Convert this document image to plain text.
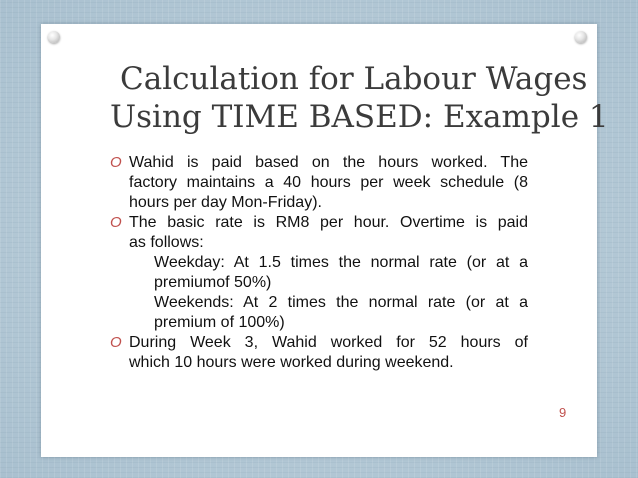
Calculation for Labour Wages
Using TIME BASED: Example 1

O Wahid is paid based on the hours worked. The
factory maintains a 40 hours per week schedule (8
hours per day Mon-Friday).

O The basic rate is RM8 per hour. Overtime is paid
as follows:

Weekday: At 1.5 times the normal rate (or at a
premiumof 50%)

Weekends: At 2 times the normal rate (or at a
premium of 100%)

O During Week 3, Wahid worked for 52 hours of
which 10 hours were worked during weekend.

9
